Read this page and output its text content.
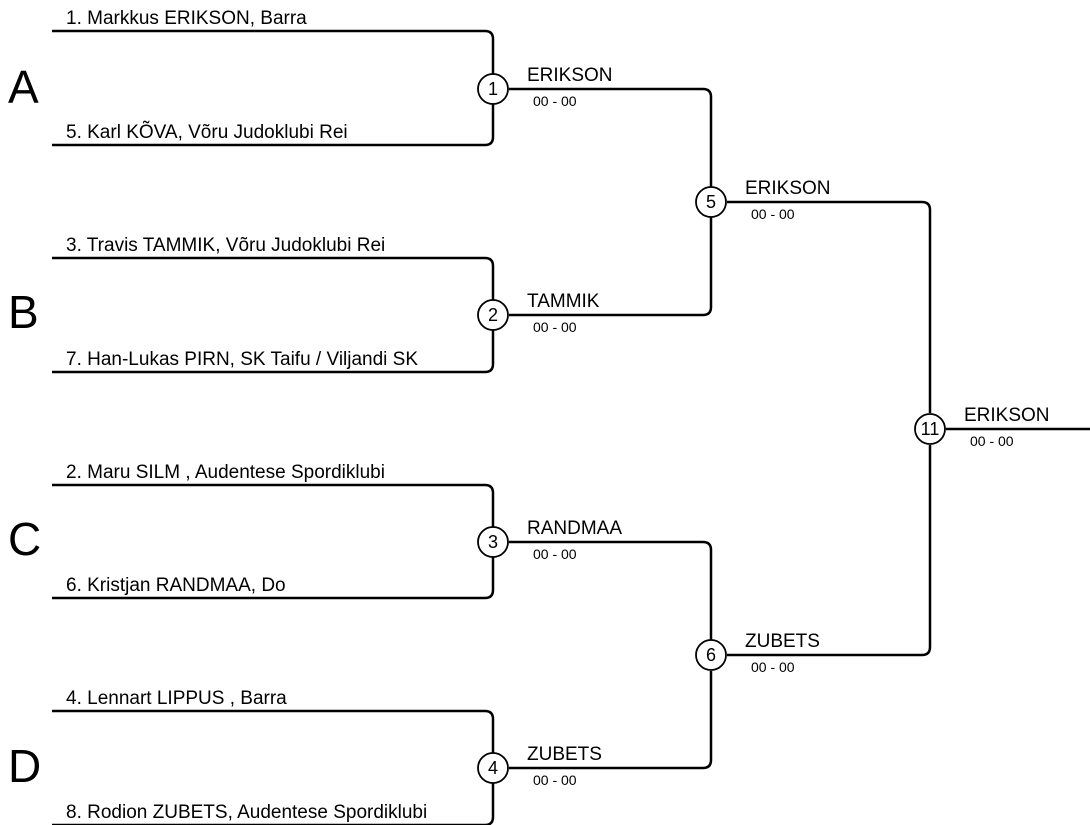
A
B
C
D
1. Markkus ERIKSON, Barra
5. Karl KÕVA, Võru Judoklubi Rei
3. Travis TAMMIK, Võru Judoklubi Rei
7. Han-Lukas PIRN, SK Taifu / Viljandi SK
2. Maru SILM , Audentese Spordiklubi
6. Kristjan RANDMAA, Do
4. Lennart LIPPUS , Barra
8. Rodion ZUBETS, Audentese Spordiklubi
1
2
3
4
5
6
11
ERIKSON
TAMMIK
RANDMAA
ZUBETS
ERIKSON
ZUBETS
ERIKSON
00 - 00
00 - 00
00 - 00
00 - 00
00 - 00
00 - 00
00 - 00
